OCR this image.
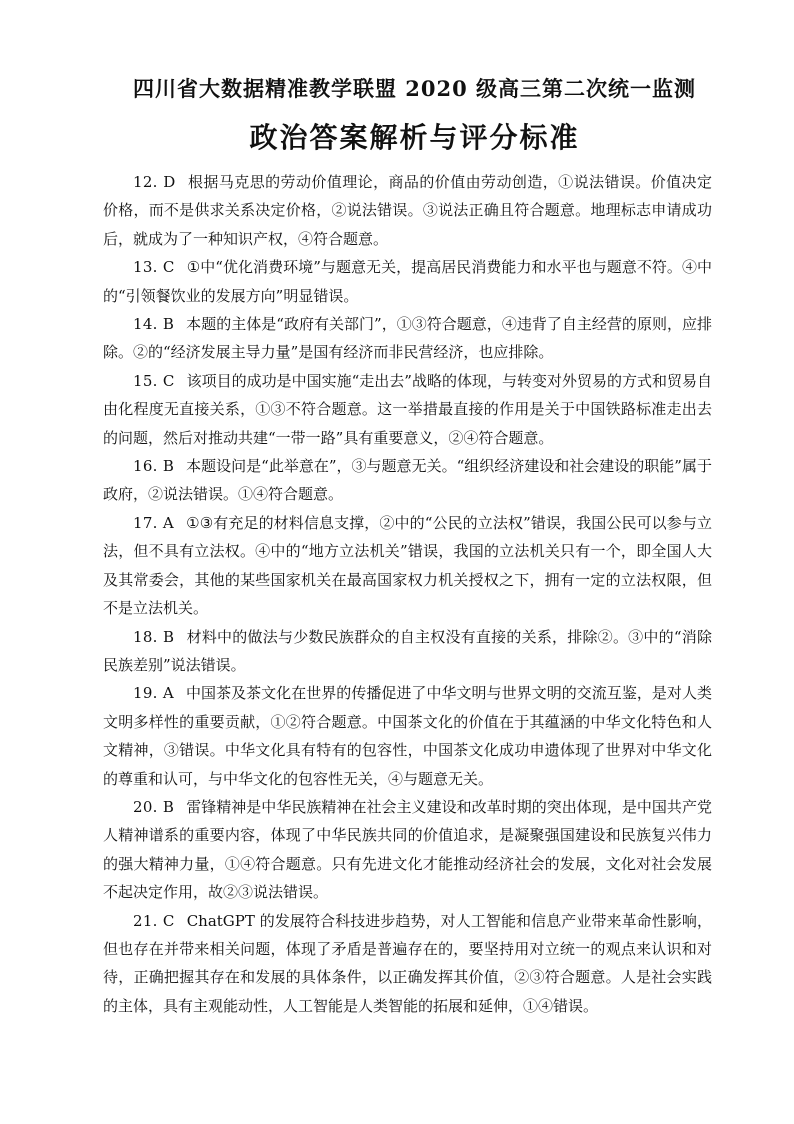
四川省大数据精准教学联盟 2020 级高三第二次统一监测
政治答案解析与评分标准

12. D 根据马克思的劳动价值理论，商品的价值由劳动创造，①说法错误。价值决定价格，而不是供求关系决定价格，②说法错误。③说法正确且符合题意。地理标志申请成功后，就成为了一种知识产权，④符合题意。

13. C ①中“优化消费环境”与题意无关，提高居民消费能力和水平也与题意不符。④中的“引领餐饮业的发展方向”明显错误。

14. B 本题的主体是“政府有关部门”，①③符合题意，④违背了自主经营的原则，应排除。②的“经济发展主导力量”是国有经济而非民营经济，也应排除。

15. C 该项目的成功是中国实施“走出去”战略的体现，与转变对外贸易的方式和贸易自由化程度无直接关系，①③不符合题意。这一举措最直接的作用是关于中国铁路标准走出去的问题，然后对推动共建“一带一路”具有重要意义，②④符合题意。

16. B 本题设问是“此举意在”，③与题意无关。“组织经济建设和社会建设的职能”属于政府，②说法错误。①④符合题意。

17. A ①③有充足的材料信息支撑，②中的“公民的立法权”错误，我国公民可以参与立法，但不具有立法权。④中的“地方立法机关”错误，我国的立法机关只有一个，即全国人大及其常委会，其他的某些国家机关在最高国家权力机关授权之下，拥有一定的立法权限，但不是立法机关。

18. B 材料中的做法与少数民族群众的自主权没有直接的关系，排除②。③中的“消除民族差别”说法错误。

19. A 中国茶及茶文化在世界的传播促进了中华文明与世界文明的交流互鉴，是对人类文明多样性的重要贡献，①②符合题意。中国茶文化的价值在于其蕴涵的中华文化特色和人文精神，③错误。中华文化具有特有的包容性，中国茶文化成功申遗体现了世界对中华文化的尊重和认可，与中华文化的包容性无关，④与题意无关。

20. B 雷锋精神是中华民族精神在社会主义建设和改革时期的突出体现，是中国共产党人精神谱系的重要内容，体现了中华民族共同的价值追求，是凝聚强国建设和民族复兴伟力的强大精神力量，①④符合题意。只有先进文化才能推动经济社会的发展，文化对社会发展不起决定作用，故②③说法错误。

21. C ChatGPT 的发展符合科技进步趋势，对人工智能和信息产业带来革命性影响，但也存在并带来相关问题，体现了矛盾是普遍存在的，要坚持用对立统一的观点来认识和对待，正确把握其存在和发展的具体条件，以正确发挥其价值，②③符合题意。人是社会实践的主体，具有主观能动性，人工智能是人类智能的拓展和延伸，①④错误。
